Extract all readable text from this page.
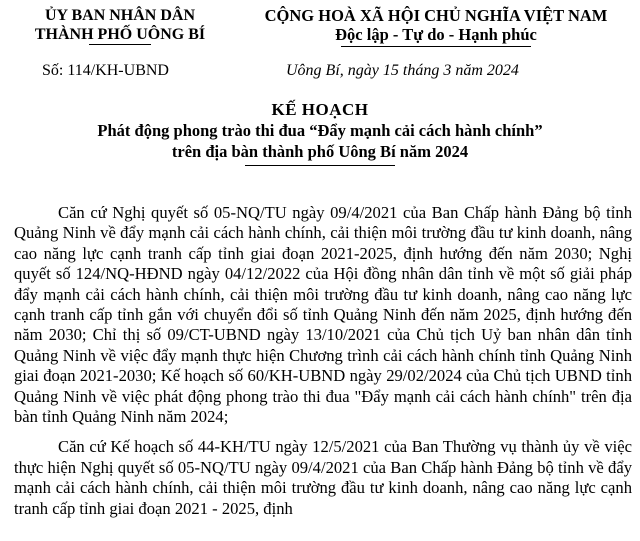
ỦY BAN NHÂN DÂN
THÀNH PHỐ UÔNG BÍ
CỘNG HOÀ XÃ HỘI CHỦ NGHĨA VIỆT NAM
Độc lập - Tự do - Hạnh phúc
Số: 114/KH-UBND	Uông Bí, ngày 15 tháng 3 năm 2024
KẾ HOẠCH
Phát động phong trào thi đua “Đẩy mạnh cải cách hành chính”
trên địa bàn thành phố Uông Bí năm 2024

Căn cứ Nghị quyết số 05-NQ/TU ngày 09/4/2021 của Ban Chấp hành Đảng bộ tỉnh Quảng Ninh về đẩy mạnh cải cách hành chính, cải thiện môi trường đầu tư kinh doanh, nâng cao năng lực cạnh tranh cấp tỉnh giai đoạn 2021-2025, định hướng đến năm 2030; Nghị quyết số 124/NQ-HĐND ngày 04/12/2022 của Hội đồng nhân dân tỉnh về một số giải pháp đẩy mạnh cải cách hành chính, cải thiện môi trường đầu tư kinh doanh, nâng cao năng lực cạnh tranh cấp tỉnh gắn với chuyển đổi số tỉnh Quảng Ninh đến năm 2025, định hướng đến năm 2030; Chỉ thị số 09/CT-UBND ngày 13/10/2021 của Chủ tịch Uỷ ban nhân dân tỉnh Quảng Ninh về việc đẩy mạnh thực hiện Chương trình cải cách hành chính tỉnh Quảng Ninh giai đoạn 2021-2030; Kế hoạch số 60/KH-UBND ngày 29/02/2024 của Chủ tịch UBND tỉnh Quảng Ninh về việc phát động phong trào thi đua "Đẩy mạnh cải cách hành chính" trên địa bàn tỉnh Quảng Ninh năm 2024;

Căn cứ Kế hoạch số 44-KH/TU ngày 12/5/2021 của Ban Thường vụ thành ủy về việc thực hiện Nghị quyết số 05-NQ/TU ngày 09/4/2021 của Ban Chấp hành Đảng bộ tỉnh về đẩy mạnh cải cách hành chính, cải thiện môi trường đầu tư kinh doanh, nâng cao năng lực cạnh tranh cấp tỉnh giai đoạn 2021 - 2025, định
